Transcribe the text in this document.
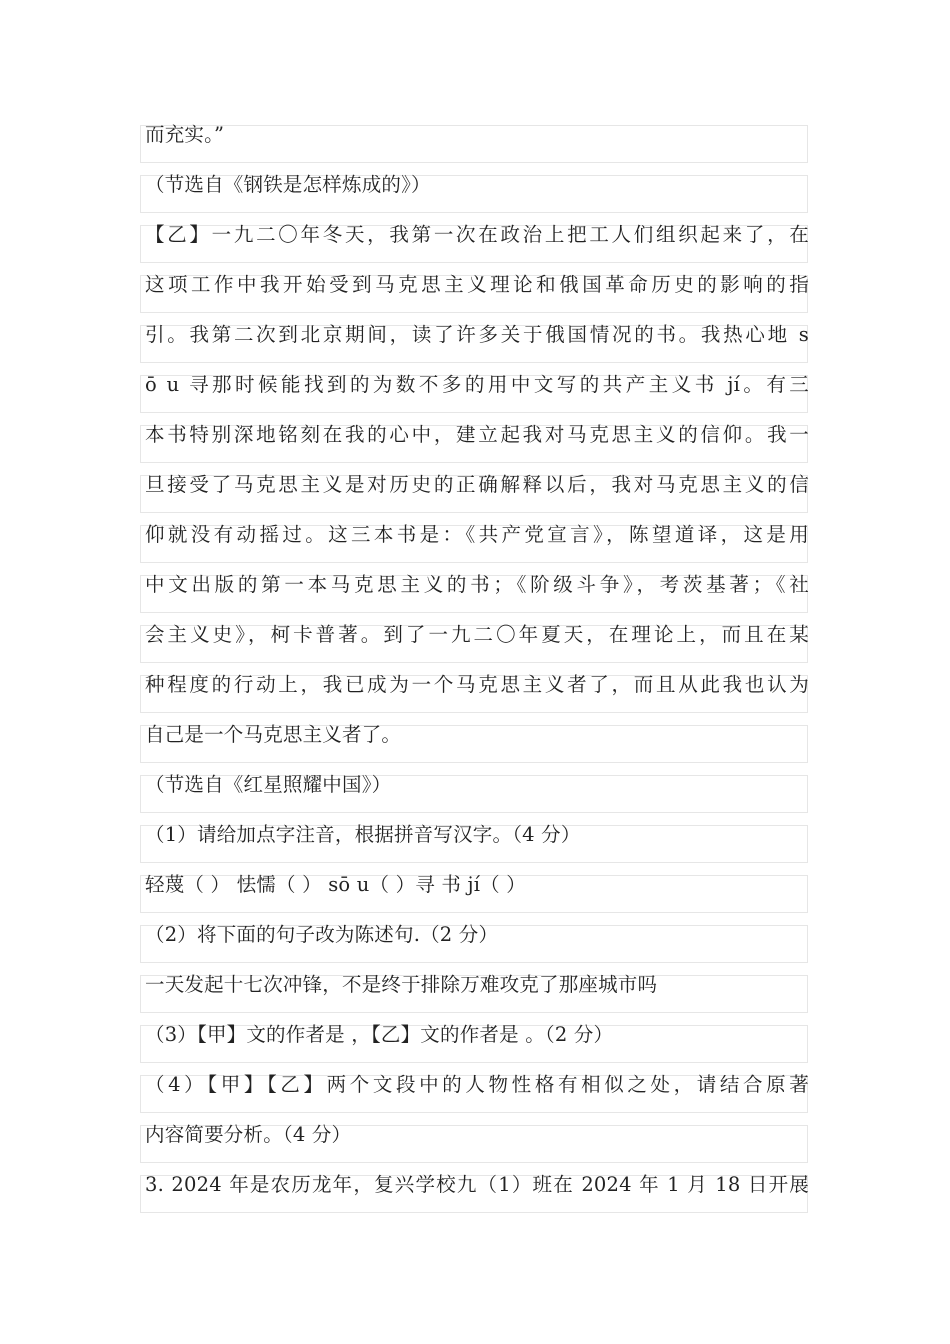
而充实。”
（节选自《钢铁是怎样炼成的》）
【乙】一九二〇年冬天，我第一次在政治上把工人们组织起来了，在
这项工作中我开始受到马克思主义理论和俄国革命历史的影响的指
引。我第二次到北京期间，读了许多关于俄国情况的书。我热心地 s
ō u 寻那时候能找到的为数不多的用中文写的共产主义书 jí。有三
本书特别深地铭刻在我的心中，建立起我对马克思主义的信仰。我一
旦接受了马克思主义是对历史的正确解释以后，我对马克思主义的信
仰就没有动摇过。这三本书是：《共产党宣言》，陈望道译，这是用
中文出版的第一本马克思主义的书；《阶级斗争》，考茨基著；《社
会主义史》，柯卡普著。到了一九二〇年夏天，在理论上，而且在某
种程度的行动上，我已成为一个马克思主义者了，而且从此我也认为
自己是一个马克思主义者了。
（节选自《红星照耀中国》）
（1）请给加点字注音，根据拼音写汉字。（4 分）
轻蔑（ ） 怯懦（ ） sō u（ ）寻 书 jí（ ）
（2）将下面的句子改为陈述句.（2 分）
一天发起十七次冲锋，不是终于排除万难攻克了那座城市吗
（3）【甲】文的作者是 ，【乙】文的作者是 。（2 分）
（4）【甲】【乙】两个文段中的人物性格有相似之处，请结合原著
内容简要分析。（4 分）
3. 2024 年是农历龙年，复兴学校九（1）班在 2024 年 1 月 18 日开展
